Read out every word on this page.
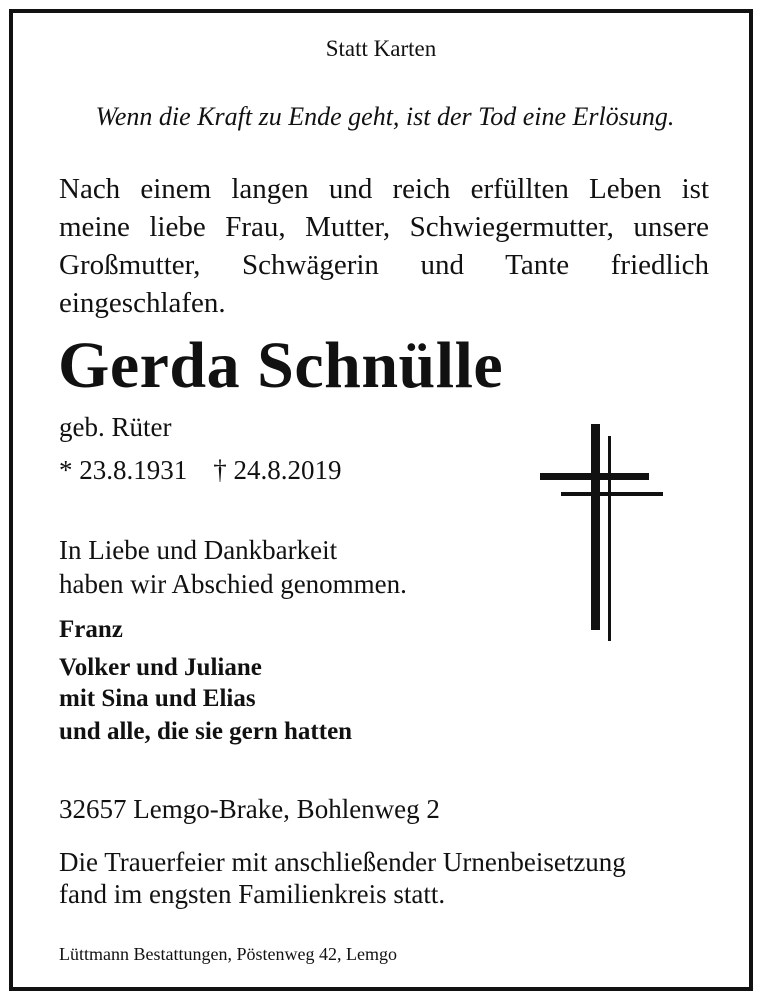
Statt Karten

Wenn die Kraft zu Ende geht, ist der Tod eine Erlösung.

Nach einem langen und reich erfüllten Leben ist
meine liebe Frau, Mutter, Schwiegermutter, unsere
Großmutter, Schwägerin und Tante friedlich
eingeschlafen.

Gerda Schnülle

geb. Rüter

* 23.8.1931 † 24.8.2019

In Liebe und Dankbarkeit
haben wir Abschied genommen.

Franz

Volker und Juliane
mit Sina und Elias

und alle, die sie gern hatten

32657 Lemgo-Brake, Bohlenweg 2

Die Trauerfeier mit anschließender Urnenbeisetzung
fand im engsten Familienkreis statt.

Lüttmann Bestattungen, Pöstenweg 42, Lemgo
